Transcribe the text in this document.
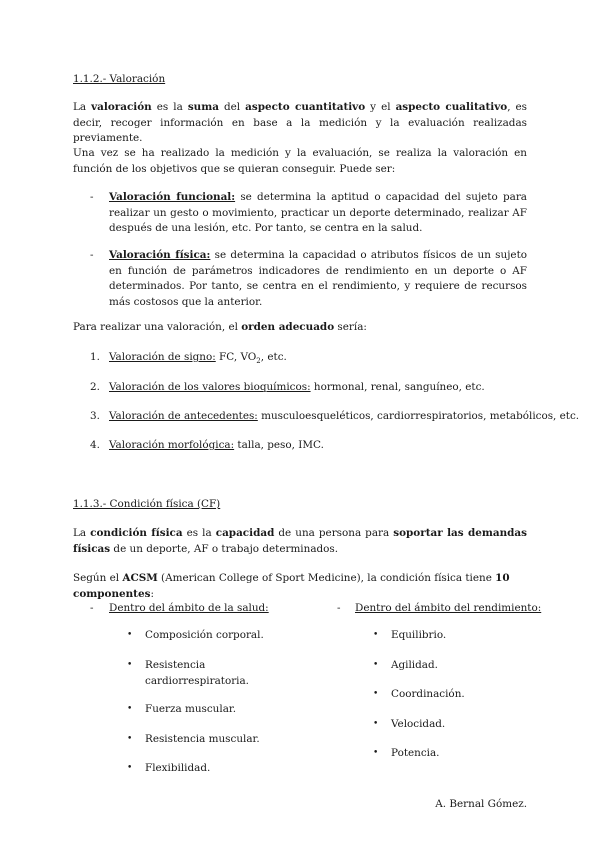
1.1.2.- Valoración
La valoración es la suma del aspecto cuantitativo y el aspecto cualitativo, es decir, recoger información en base a la medición y la evaluación realizadas previamente.
Una vez se ha realizado la medición y la evaluación, se realiza la valoración en función de los objetivos que se quieran conseguir. Puede ser:
- Valoración funcional: se determina la aptitud o capacidad del sujeto para realizar un gesto o movimiento, practicar un deporte determinado, realizar AF después de una lesión, etc. Por tanto, se centra en la salud.
- Valoración física: se determina la capacidad o atributos físicos de un sujeto en función de parámetros indicadores de rendimiento en un deporte o AF determinados. Por tanto, se centra en el rendimiento, y requiere de recursos más costosos que la anterior.
Para realizar una valoración, el orden adecuado sería:
1. Valoración de signo: FC, $VO_2$, etc.
2. Valoración de los valores bioquímicos: hormonal, renal, sanguíneo, etc.
3. Valoración de antecedentes: musculoesqueléticos, cardiorrespiratorios, metabólicos, etc.
4. Valoración morfológica: talla, peso, IMC.
1.1.3.- Condición física (CF)
La condición física es la capacidad de una persona para soportar las demandas físicas de un deporte, AF o trabajo determinados.
Según el ACSM (American College of Sport Medicine), la condición física tiene 10 componentes:
- Dentro del ámbito de la salud:
• Composición corporal.
• Resistencia cardiorrespiratoria.
• Fuerza muscular.
• Resistencia muscular.
• Flexibilidad.
- Dentro del ámbito del rendimiento:
• Equilibrio.
• Agilidad.
• Coordinación.
• Velocidad.
• Potencia.
A. Bernal Gómez.
